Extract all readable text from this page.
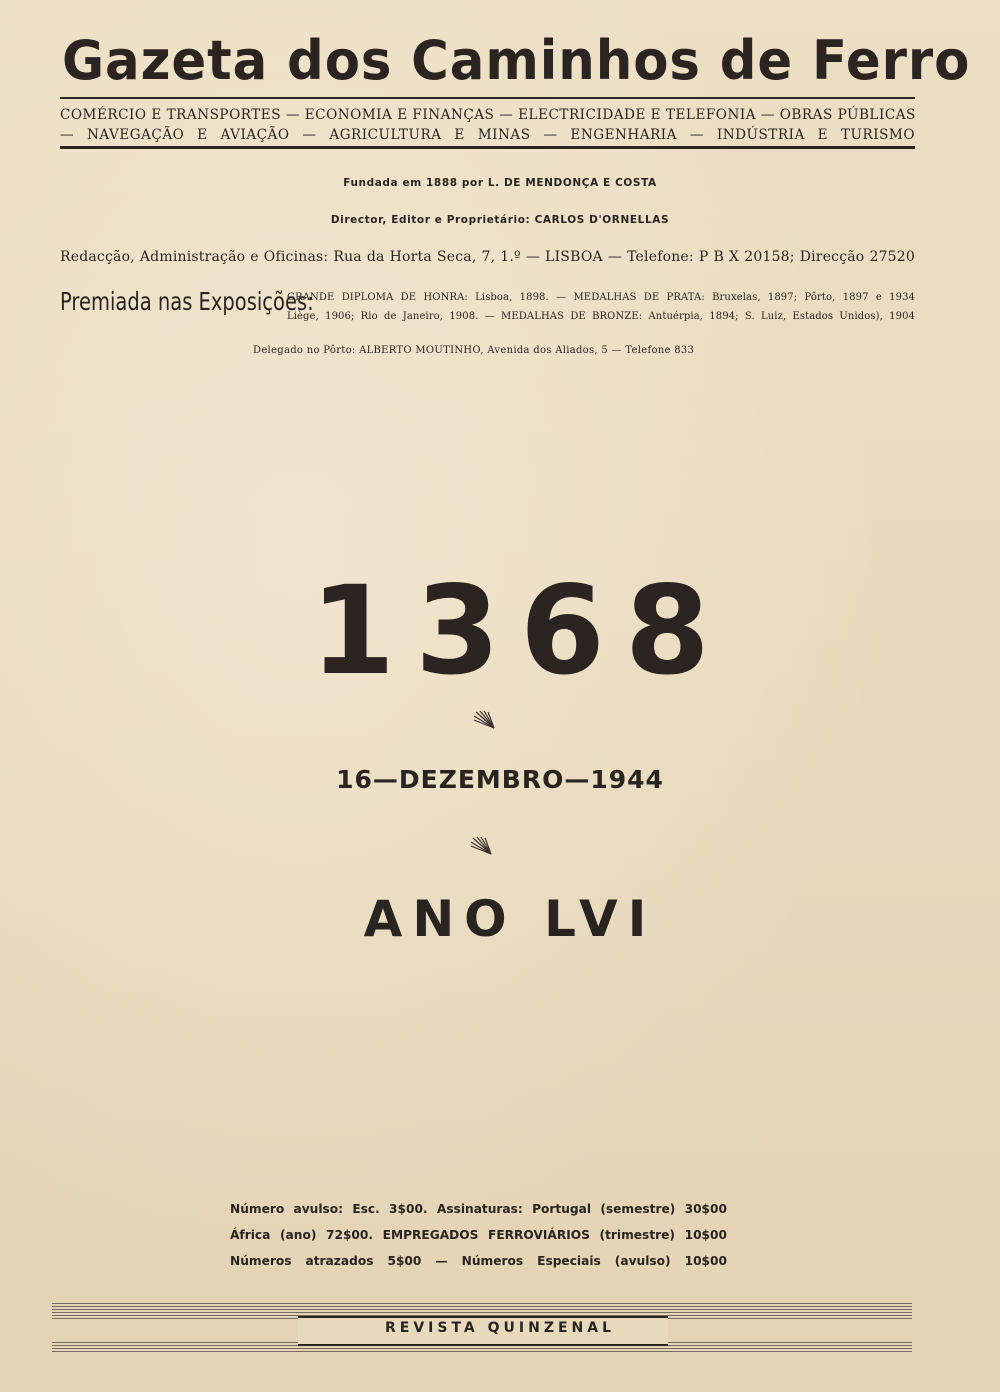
Gazeta dos Caminhos de Ferro
COMÉRCIO E TRANSPORTES — ECONOMIA E FINANÇAS — ELECTRICIDADE E TELEFONIA — OBRAS PÚBLICAS
— NAVEGAÇÃO E AVIAÇÃO — AGRICULTURA E MINAS — ENGENHARIA — INDÚSTRIA E TURISMO
Fundada em 1888 por L. DE MENDONÇA E COSTA
Director, Editor e Proprietário: CARLOS D'ORNELLAS
Redacção, Administração e Oficinas: Rua da Horta Seca, 7, 1.º — LISBOA — Telefone: P B X 20158; Direcção 27520
Premiada nas Exposições:
GRANDE DIPLOMA DE HONRA: Lisboa, 1898. — MEDALHAS DE PRATA: Bruxelas, 1897; Pôrto, 1897 e 1934
Liège, 1906; Rio de Janeiro, 1908. — MEDALHAS DE BRONZE: Antuérpia, 1894; S. Luiz, Estados Unidos), 1904
Delegado no Pôrto: ALBERTO MOUTINHO, Avenida dos Aliados, 5 — Telefone 833
1368
16—DEZEMBRO—1944
ANO LVI
Número avulso: Esc. 3$00. Assinaturas: Portugal (semestre) 30$00
África (ano) 72$00. EMPREGADOS FERROVIÁRIOS (trimestre) 10$00
Números atrazados 5$00 — Números Especiais (avulso) 10$00
REVISTA QUINZENAL
